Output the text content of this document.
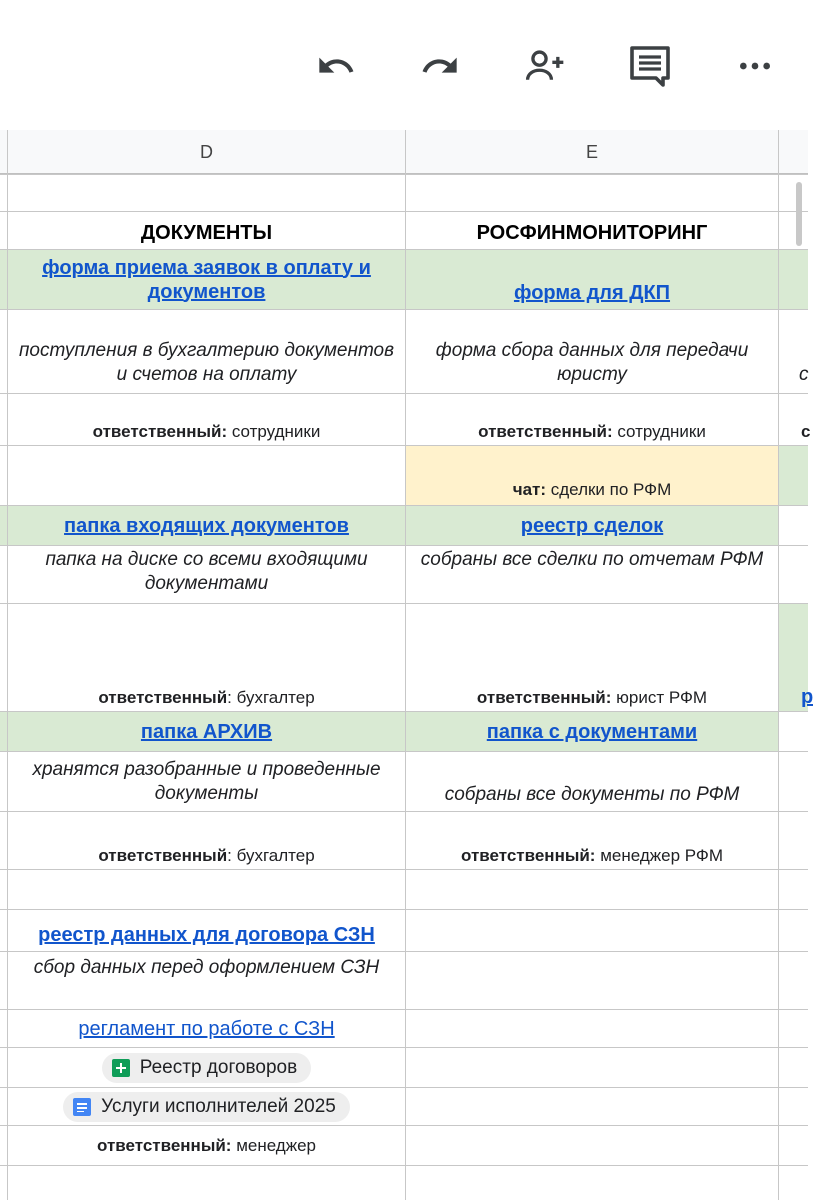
D	E
ДОКУМЕНТЫ
форма приема заявок в оплату и документов
поступления в бухгалтерию документов и счетов на оплату
ответственный: сотрудники
папка входящих документов
папка на диске со всеми входящими документами
ответственный: бухгалтер
папка АРХИВ
хранятся разобранные и проведенные документы
ответственный: бухгалтер
реестр данных для договора СЗН
сбор данных перед оформлением СЗН
регламент по работе с СЗН
Реестр договоров
Услуги исполнителей 2025
ответственный: менеджер
РОСФИНМОНИТОРИНГ
форма для ДКП
форма сбора данных для передачи юристу
ответственный: сотрудники
чат: сделки по РФМ
реестр сделок
собраны все сделки по отчетам РФМ
ответственный: юрист РФМ
папка с документами
собраны все документы по РФМ
ответственный: менеджер РФМ
с
с
р
